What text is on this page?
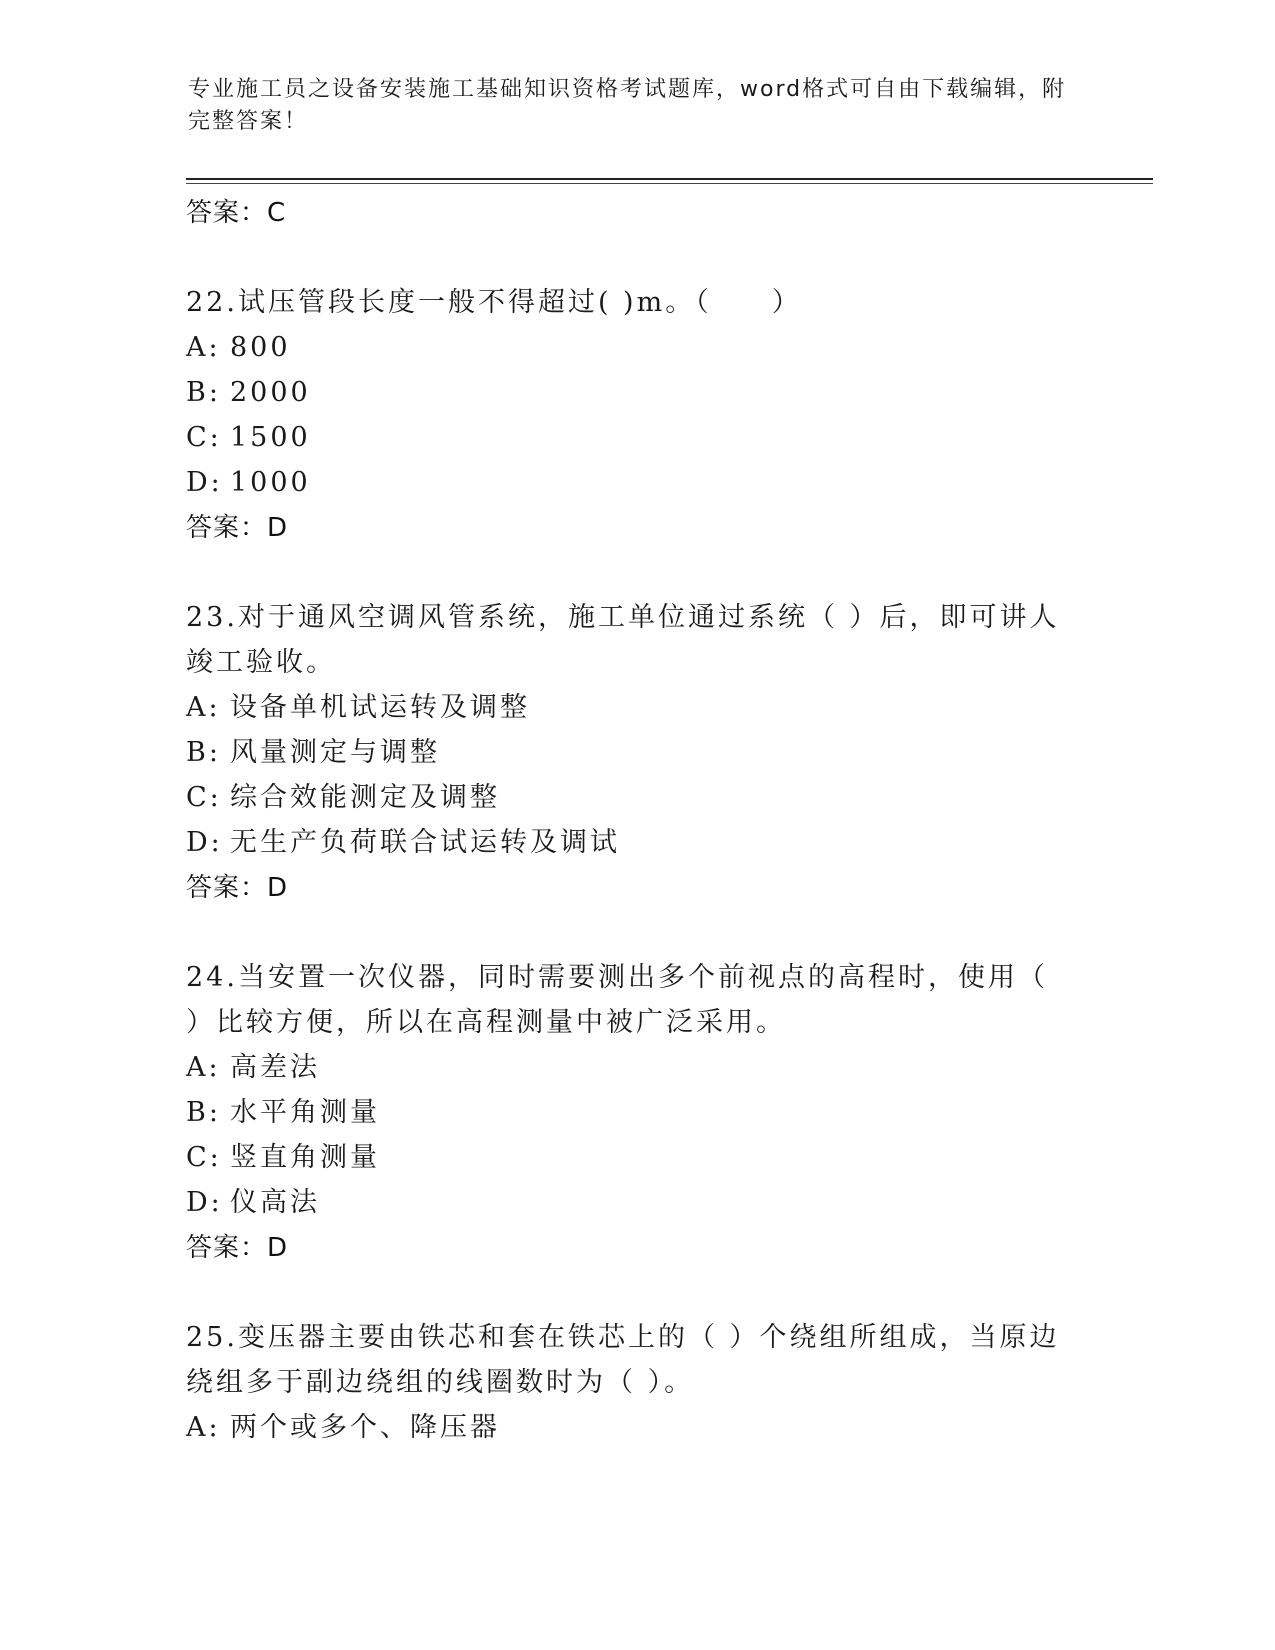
专业施工员之设备安装施工基础知识资格考试题库，word格式可自由下载编辑，附完整答案！
答案：C
22.试压管段长度一般不得超过( )m。（　　）
A: 800
B: 2000
C: 1500
D: 1000
答案：D
23.对于通风空调风管系统，施工单位通过系统（ ）后，即可讲人竣工验收。
A: 设备单机试运转及调整
B: 风量测定与调整
C: 综合效能测定及调整
D: 无生产负荷联合试运转及调试
答案：D
24.当安置一次仪器，同时需要测出多个前视点的高程时，使用（ ）比较方便，所以在高程测量中被广泛采用。
A: 高差法
B: 水平角测量
C: 竖直角测量
D: 仪高法
答案：D
25.变压器主要由铁芯和套在铁芯上的（ ）个绕组所组成，当原边绕组多于副边绕组的线圈数时为（ ）。
A: 两个或多个、降压器
